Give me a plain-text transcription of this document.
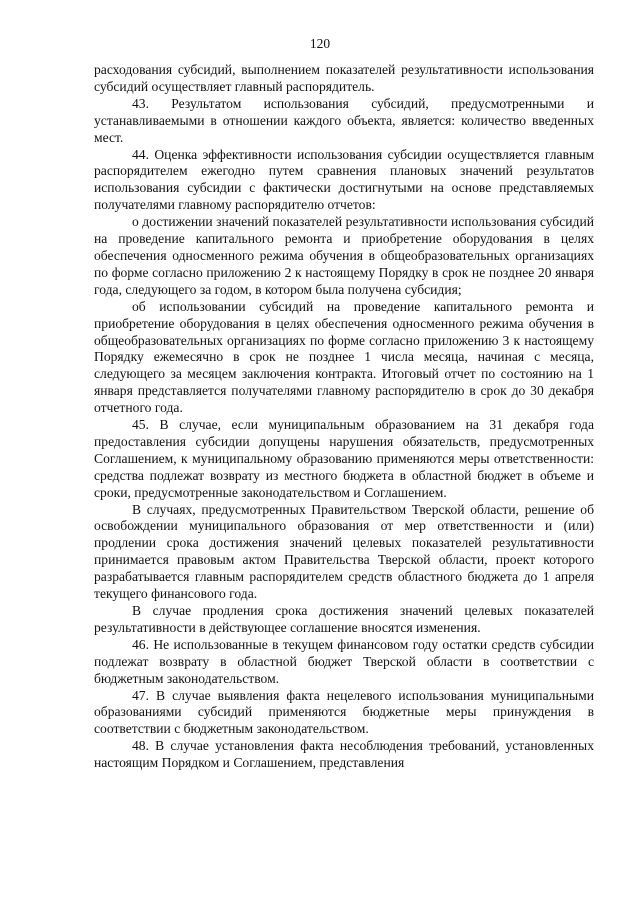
120

расходования субсидий, выполнением показателей результативности использования субсидий осуществляет главный распорядитель.

43. Результатом использования субсидий, предусмотренными и устанавливаемыми в отношении каждого объекта, является: количество введенных мест.

44. Оценка эффективности использования субсидии осуществляется главным распорядителем ежегодно путем сравнения плановых значений результатов использования субсидии с фактически достигнутыми на основе представляемых получателями главному распорядителю отчетов:

о достижении значений показателей результативности использования субсидий на проведение капитального ремонта и приобретение оборудования в целях обеспечения односменного режима обучения в общеобразовательных организациях по форме согласно приложению 2 к настоящему Порядку в срок не позднее 20 января года, следующего за годом, в котором была получена субсидия;

об использовании субсидий на проведение капитального ремонта и приобретение оборудования в целях обеспечения односменного режима обучения в общеобразовательных организациях по форме согласно приложению 3 к настоящему Порядку ежемесячно в срок не позднее 1 числа месяца, начиная с месяца, следующего за месяцем заключения контракта. Итоговый отчет по состоянию на 1 января представляется получателями главному распорядителю в срок до 30 декабря отчетного года.

45. В случае, если муниципальным образованием на 31 декабря года предоставления субсидии допущены нарушения обязательств, предусмотренных Соглашением, к муниципальному образованию применяются меры ответственности: средства подлежат возврату из местного бюджета в областной бюджет в объеме и сроки, предусмотренные законодательством и Соглашением.

В случаях, предусмотренных Правительством Тверской области, решение об освобождении муниципального образования от мер ответственности и (или) продлении срока достижения значений целевых показателей результативности принимается правовым актом Правительства Тверской области, проект которого разрабатывается главным распорядителем средств областного бюджета до 1 апреля текущего финансового года.

В случае продления срока достижения значений целевых показателей результативности в действующее соглашение вносятся изменения.

46. Не использованные в текущем финансовом году остатки средств субсидии подлежат возврату в областной бюджет Тверской области в соответствии с бюджетным законодательством.

47. В случае выявления факта нецелевого использования муниципальными образованиями субсидий применяются бюджетные меры принуждения в соответствии с бюджетным законодательством.

48. В случае установления факта несоблюдения требований, установленных настоящим Порядком и Соглашением, представления
